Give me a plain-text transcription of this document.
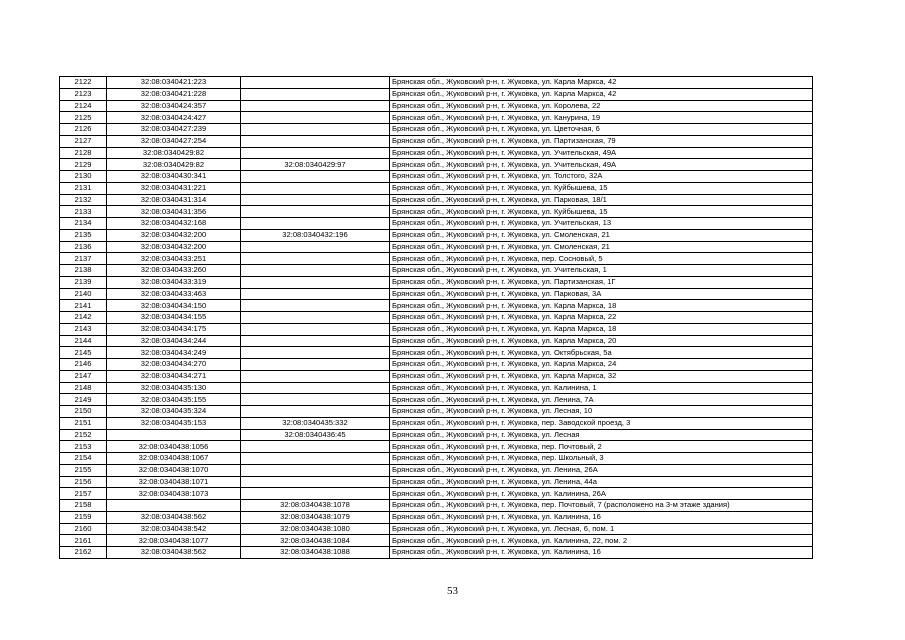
2122	32:08:0340421:223		Брянская обл., Жуковский р-н, г. Жуковка, ул. Карла Маркса, 42
2123	32:08:0340421:228		Брянская обл., Жуковский р-н, г. Жуковка, ул. Карла Маркса, 42
2124	32:08:0340424:357		Брянская обл., Жуковский р-н, г. Жуковка, ул. Королева, 22
2125	32:08:0340424:427		Брянская обл., Жуковский р-н, г. Жуковка, ул. Канурина, 19
2126	32:08:0340427:239		Брянская обл., Жуковский р-н, г. Жуковка, ул. Цветочная, 6
2127	32:08:0340427:254		Брянская обл., Жуковский р-н, г. Жуковка, ул. Партизанская, 79
2128	32:08:0340429:82		Брянская обл., Жуковский р-н, г. Жуковка, ул. Учительская, 49А
2129	32:08:0340429:82	32:08:0340429:97	Брянская обл., Жуковский р-н, г. Жуковка, ул. Учительская, 49А
2130	32:08:0340430:341		Брянская обл., Жуковский р-н, г. Жуковка, ул. Толстого, 32А
2131	32:08:0340431:221		Брянская обл., Жуковский р-н, г. Жуковка, ул. Куйбышева, 15
2132	32:08:0340431:314		Брянская обл., Жуковский р-н, г. Жуковка, ул. Парковая, 18/1
2133	32:08:0340431:356		Брянская обл., Жуковский р-н, г. Жуковка, ул. Куйбышева, 15
2134	32:08:0340432:168		Брянская обл., Жуковский р-н, г. Жуковка, ул. Учительская, 13
2135	32:08:0340432:200	32:08:0340432:196	Брянская обл., Жуковский р-н, г. Жуковка, ул. Смоленская, 21
2136	32:08:0340432:200		Брянская обл., Жуковский р-н, г. Жуковка, ул. Смоленская, 21
2137	32:08:0340433:251		Брянская обл., Жуковский р-н, г. Жуковка, пер. Сосновый, 5
2138	32:08:0340433:260		Брянская обл., Жуковский р-н, г. Жуковка, ул. Учительская, 1
2139	32:08:0340433:319		Брянская обл., Жуковский р-н, г. Жуковка, ул. Партизанская, 1Г
2140	32:08:0340433:463		Брянская обл., Жуковский р-н, г. Жуковка, ул. Парковая, 3А
2141	32:08:0340434:150		Брянская обл., Жуковский р-н, г. Жуковка, ул. Карла Маркса, 18
2142	32:08:0340434:155		Брянская обл., Жуковский р-н, г. Жуковка, ул. Карла Маркса, 22
2143	32:08:0340434:175		Брянская обл., Жуковский р-н, г. Жуковка, ул. Карла Маркса, 18
2144	32:08:0340434:244		Брянская обл., Жуковский р-н, г. Жуковка, ул. Карла Маркса, 20
2145	32:08:0340434:249		Брянская обл., Жуковский р-н, г. Жуковка, ул. Октябрьская, 5а
2146	32:08:0340434:270		Брянская обл., Жуковский р-н, г. Жуковка, ул. Карла Маркса, 24
2147	32:08:0340434:271		Брянская обл., Жуковский р-н, г. Жуковка, ул. Карла Маркса, 32
2148	32:08:0340435:130		Брянская обл., Жуковский р-н, г. Жуковка, ул. Калинина, 1
2149	32:08:0340435:155		Брянская обл., Жуковский р-н, г. Жуковка, ул. Ленина, 7А
2150	32:08:0340435:324		Брянская обл., Жуковский р-н, г. Жуковка, ул. Лесная, 10
2151	32:08:0340435:153	32:08:0340435:332	Брянская обл., Жуковский р-н, г. Жуковка, пер. Заводской проезд, 3
2152		32:08:0340436:45	Брянская обл., Жуковский р-н, г. Жуковка, ул. Лесная
2153	32:08:0340438:1056		Брянская обл., Жуковский р-н, г. Жуковка, пер. Почтовый, 2
2154	32:08:0340438:1067		Брянская обл., Жуковский р-н, г. Жуковка, пер. Школьный, 3
2155	32:08:0340438:1070		Брянская обл., Жуковский р-н, г. Жуковка, ул. Ленина, 26А
2156	32:08:0340438:1071		Брянская обл., Жуковский р-н, г. Жуковка, ул. Ленина, 44а
2157	32:08:0340438:1073		Брянская обл., Жуковский р-н, г. Жуковка, ул. Калинина, 26А
2158		32:08:0340438:1078	Брянская обл., Жуковский р-н, г. Жуковка, пер. Почтовый, 7 (расположено на 3-м этаже здания)
2159	32:08:0340438:562	32:08:0340438:1079	Брянская обл., Жуковский р-н, г. Жуковка, ул. Калинина, 16
2160	32:08:0340438:542	32:08:0340438:1080	Брянская обл., Жуковский р-н, г. Жуковка, ул. Лесная, 6, пом. 1
2161	32:08:0340438:1077	32:08:0340438:1084	Брянская обл., Жуковский р-н, г. Жуковка, ул. Калинина, 22, пом. 2
2162	32:08:0340438:562	32:08:0340438:1088	Брянская обл., Жуковский р-н, г. Жуковка, ул. Калинина, 16
53
